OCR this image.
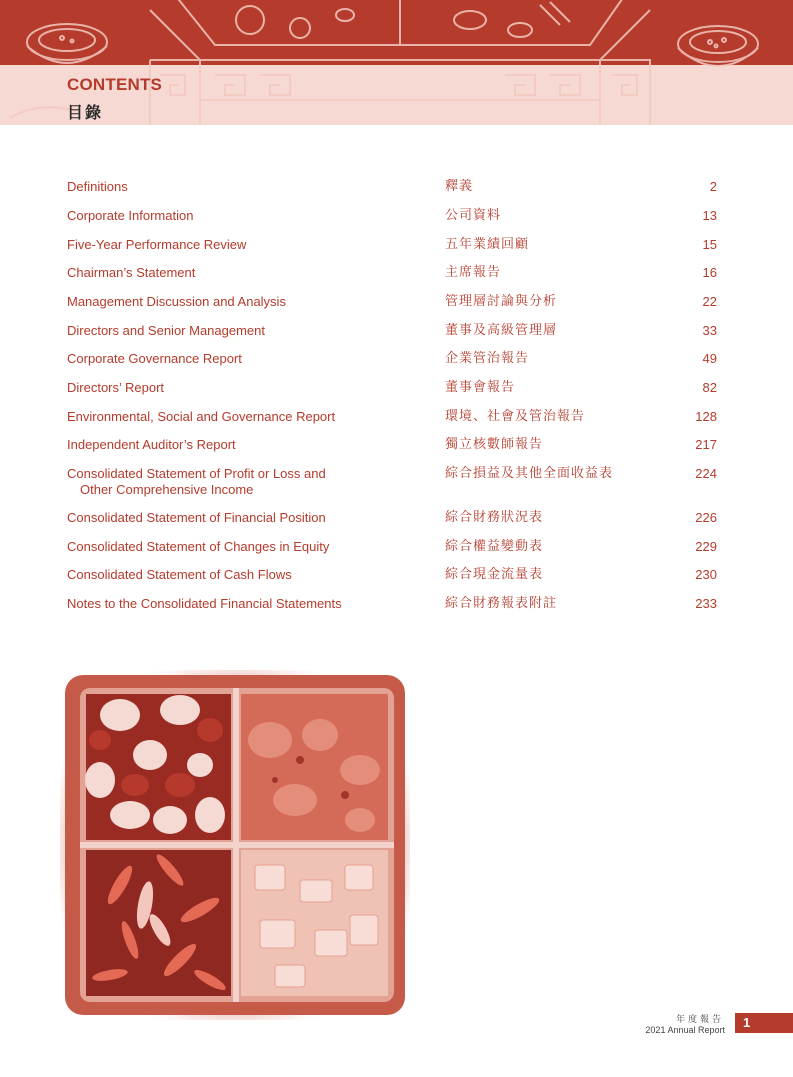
CONTENTS
目錄
Definitions	釋義	2
Corporate Information	公司資料	13
Five-Year Performance Review	五年業績回顧	15
Chairman’s Statement	主席報告	16
Management Discussion and Analysis	管理層討論與分析	22
Directors and Senior Management	董事及高級管理層	33
Corporate Governance Report	企業管治報告	49
Directors’ Report	董事會報告	82
Environmental, Social and Governance Report	環境、社會及管治報告	128
Independent Auditor’s Report	獨立核數師報告	217
Consolidated Statement of Profit or Loss and
Other Comprehensive Income
綜合損益及其他全面收益表	224
Consolidated Statement of Financial Position	綜合財務狀況表	226
Consolidated Statement of Changes in Equity	綜合權益變動表	229
Consolidated Statement of Cash Flows	綜合現金流量表	230
Notes to the Consolidated Financial Statements	綜合財務報表附註	233
年度報告
2021 Annual Report 1
